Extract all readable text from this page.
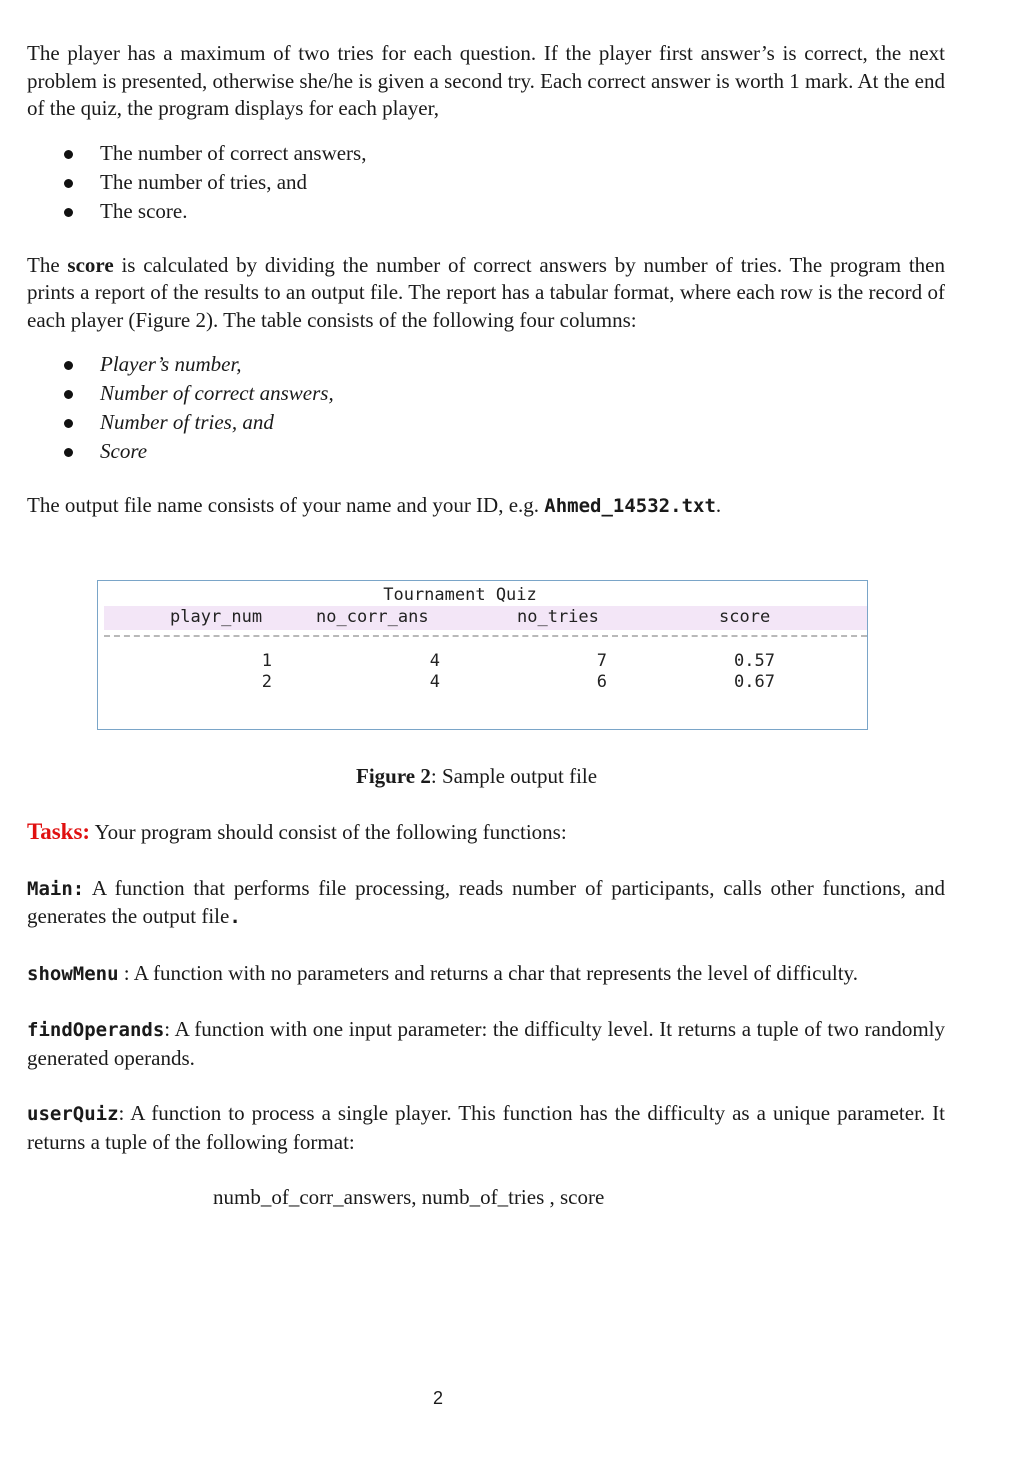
The player has a maximum of two tries for each question. If the player first answer’s is correct, the next problem is presented, otherwise she/he is given a second try. Each correct answer is worth 1 mark. At the end of the quiz, the program displays for each player,

The number of correct answers,
The number of tries, and
The score.

The score is calculated by dividing the number of correct answers by number of tries. The program then prints a report of the results to an output file. The report has a tabular format, where each row is the record of each player (Figure 2). The table consists of the following four columns:

Player’s number,
Number of correct answers,
Number of tries, and
Score

The output file name consists of your name and your ID, e.g. Ahmed_14532.txt.

Tournament Quiz
playr_num	no_corr_ans	no_tries	score
1	4	7	0.57
2	4	6	0.67
Figure 2: Sample output file

Tasks: Your program should consist of the following functions:

Main: A function that performs file processing, reads number of participants, calls other functions, and generates the output file.

showMenu : A function with no parameters and returns a char that represents the level of difficulty.

findOperands: A function with one input parameter: the difficulty level. It returns a tuple of two randomly generated operands.

userQuiz: A function to process a single player. This function has the difficulty as a unique parameter. It returns a tuple of the following format:

numb_of_corr_answers, numb_of_tries , score

2
